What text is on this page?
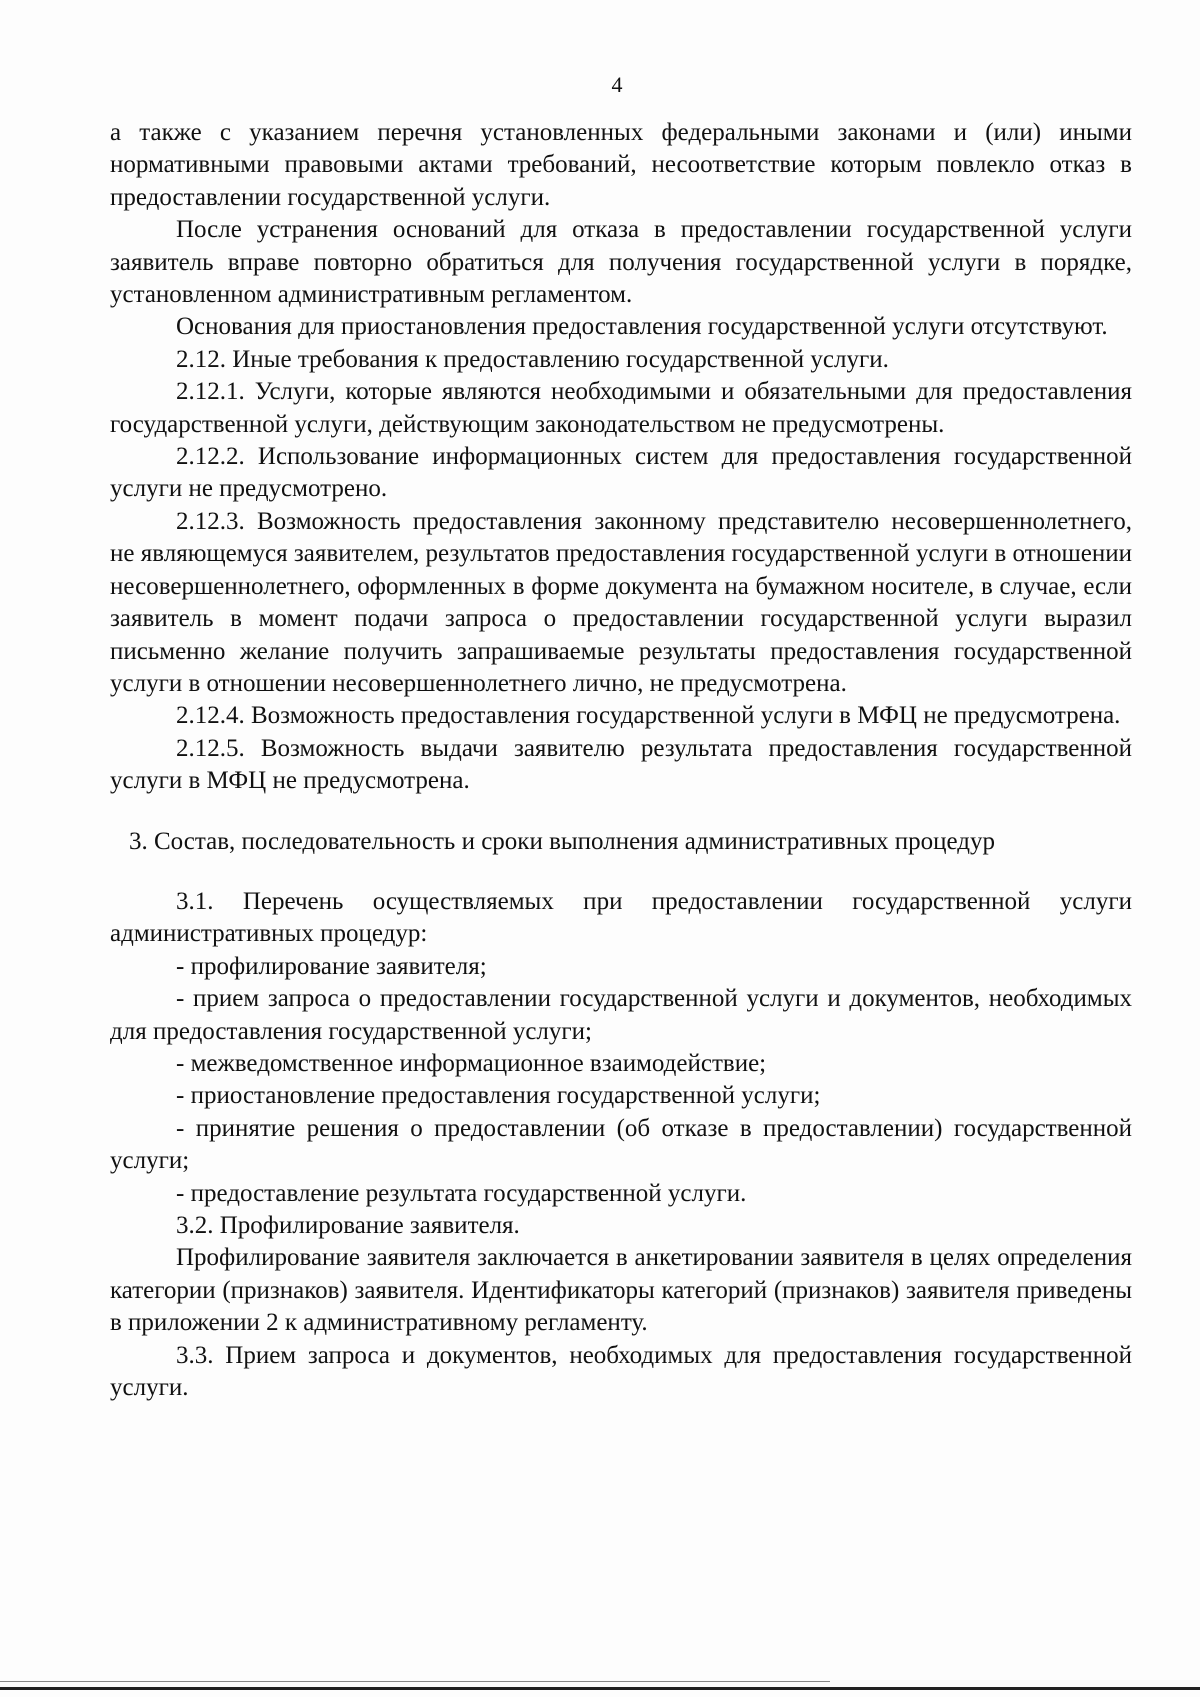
4

а также с указанием перечня установленных федеральными законами и (или) иными нормативными правовыми актами требований, несоответствие которым повлекло отказ в предоставлении государственной услуги.

После устранения оснований для отказа в предоставлении государственной услуги заявитель вправе повторно обратиться для получения государственной услуги в порядке, установленном административным регламентом.

Основания для приостановления предоставления государственной услуги отсутствуют.

2.12. Иные требования к предоставлению государственной услуги.

2.12.1. Услуги, которые являются необходимыми и обязательными для предоставления государственной услуги, действующим законодательством не предусмотрены.

2.12.2. Использование информационных систем для предоставления государственной услуги не предусмотрено.

2.12.3. Возможность предоставления законному представителю несовершеннолетнего, не являющемуся заявителем, результатов предоставления государственной услуги в отношении несовершеннолетнего, оформленных в форме документа на бумажном носителе, в случае, если заявитель в момент подачи запроса о предоставлении государственной услуги выразил письменно желание получить запрашиваемые результаты предоставления государственной услуги в отношении несовершеннолетнего лично, не предусмотрена.

2.12.4. Возможность предоставления государственной услуги в МФЦ не предусмотрена.

2.12.5. Возможность выдачи заявителю результата предоставления государственной услуги в МФЦ не предусмотрена.

3. Состав, последовательность и сроки выполнения административных процедур

3.1. Перечень осуществляемых при предоставлении государственной услуги административных процедур:

- профилирование заявителя;

- прием запроса о предоставлении государственной услуги и документов, необходимых для предоставления государственной услуги;

- межведомственное информационное взаимодействие;

- приостановление предоставления государственной услуги;

- принятие решения о предоставлении (об отказе в предоставлении) государственной услуги;

- предоставление результата государственной услуги.

3.2. Профилирование заявителя.

Профилирование заявителя заключается в анкетировании заявителя в целях определения категории (признаков) заявителя. Идентификаторы категорий (признаков) заявителя приведены в приложении 2 к административному регламенту.

3.3. Прием запроса и документов, необходимых для предоставления государственной услуги.
